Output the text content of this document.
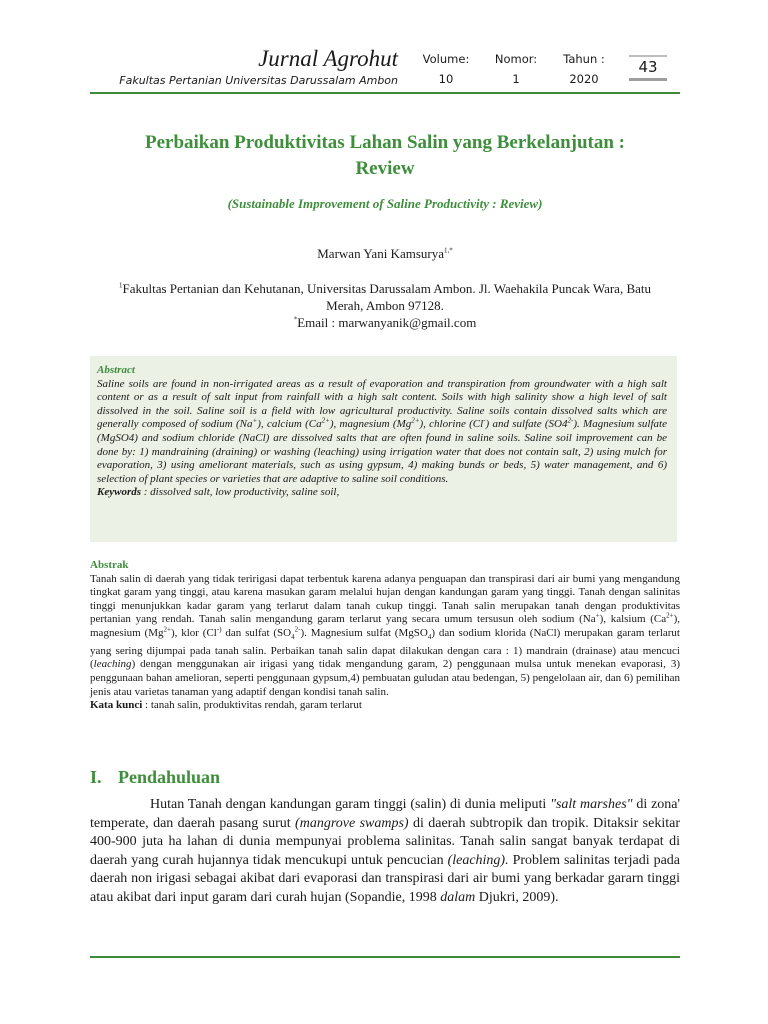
Jurnal Agrohut
Fakultas Pertanian Universitas Darussalam Ambon
Volume:
10
Nomor:
1
Tahun :
2020
43
Perbaikan Produktivitas Lahan Salin yang Berkelanjutan :
Review
(Sustainable Improvement of Saline Productivity : Review)
Marwan Yani Kamsurya$^{1,*}$
$^1$Fakultas Pertanian dan Kehutanan, Universitas Darussalam Ambon. Jl. Waehakila Puncak Wara, Batu
Merah, Ambon 97128.
*Email : marwanyanik@gmail.com
Abstract
Saline soils are found in non-irrigated areas as a result of evaporation and transpiration from groundwater with a high salt content or as a result of salt input from rainfall with a high salt content. Soils with high salinity show a high level of salt dissolved in the soil. Saline soil is a field with low agricultural productivity. Saline soils contain dissolved salts which are generally composed of sodium (Na+), calcium $(Ca^{2+})$, magnesium $(Mg^{2+})$, chlorine (Cl-) and sulfate $(SO4^{2-})$. Magnesium sulfate (MgSO4) and sodium chloride (NaCl) are dissolved salts that are often found in saline soils. Saline soil improvement can be done by: 1) mandraining (draining) or washing (leaching) using irrigation water that does not contain salt, 2) using mulch for evaporation, 3) using ameliorant materials, such as using gypsum, 4) making bunds or beds, 5) water management, and 6) selection of plant species or varieties that are adaptive to saline soil conditions.
Keywords : dissolved salt, low productivity, saline soil,
Abstrak
Tanah salin di daerah yang tidak teririgasi dapat terbentuk karena adanya penguapan dan transpirasi dari air bumi yang mengandung tingkat garam yang tinggi, atau karena masukan garam melalui hujan dengan kandungan garam yang tinggi. Tanah dengan salinitas tinggi menunjukkan kadar garam yang terlarut dalam tanah cukup tinggi. Tanah salin merupakan tanah dengan produktivitas pertanian yang rendah. Tanah salin mengandung garam terlarut yang secara umum tersusun oleh sodium (Na+), kalsium $(Ca^{2+})$, magnesium $(Mg^{2+})$, klor (Cl-) dan sulfat $(SO_4^{2-})$. Magnesium sulfat (MgSO$_4$) dan sodium klorida (NaCl) merupakan garam terlarut yang sering dijumpai pada tanah salin. Perbaikan tanah salin dapat dilakukan dengan cara : 1) mandrain (drainase) atau mencuci (leaching) dengan menggunakan air irigasi yang tidak mengandung garam, 2) penggunaan mulsa untuk menekan evaporasi, 3) penggunaan bahan amelioran, seperti penggunaan gypsum,4) pembuatan guludan atau bedengan, 5) pengelolaan air, dan 6) pemilihan jenis atau varietas tanaman yang adaptif dengan kondisi tanah salin.
Kata kunci : tanah salin, produktivitas rendah, garam terlarut
I. Pendahuluan
Hutan Tanah dengan kandungan garam tinggi (salin) di dunia meliputi "salt marshes" di zona' temperate, dan daerah pasang surut (mangrove swamps) di daerah subtropik dan tropik. Ditaksir sekitar 400-900 juta ha lahan di dunia mempunyai problema salinitas. Tanah salin sangat banyak terdapat di daerah yang curah hujannya tidak mencukupi untuk pencucian (leaching). Problem salinitas terjadi pada daerah non irigasi sebagai akibat dari evaporasi dan transpirasi dari air bumi yang berkadar gararn tinggi atau akibat dari input garam dari curah hujan (Sopandie, 1998 dalam Djukri, 2009).
